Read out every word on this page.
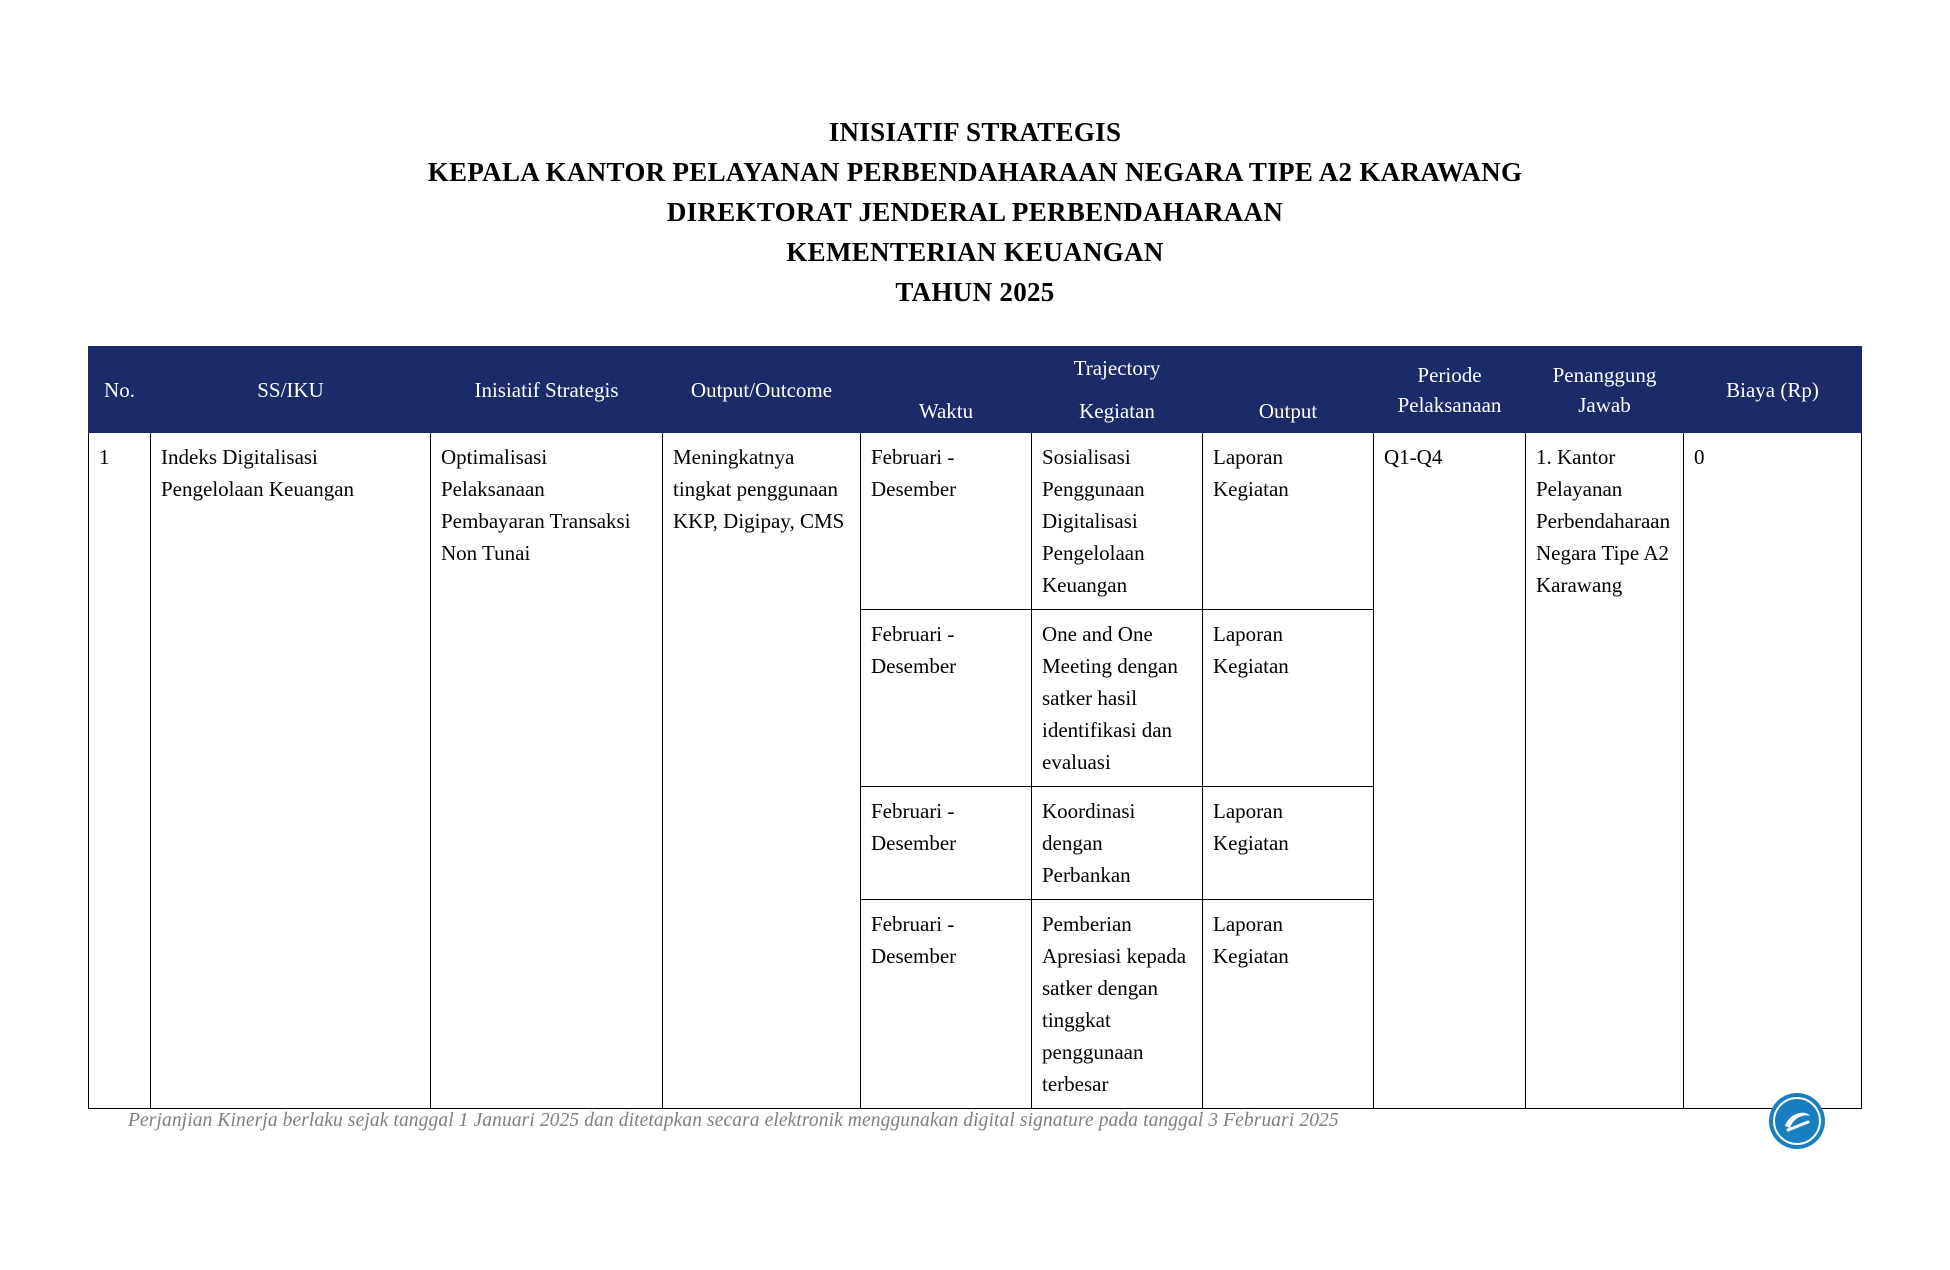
INISIATIF STRATEGIS
KEPALA KANTOR PELAYANAN PERBENDAHARAAN NEGARA TIPE A2 KARAWANG
DIREKTORAT JENDERAL PERBENDAHARAAN
KEMENTERIAN KEUANGAN
TAHUN 2025
No.	SS/IKU	Inisiatif Strategis	Output/Outcome	Trajectory			Periode Pelaksanaan	Penanggung Jawab	Biaya (Rp)
				Waktu	Kegiatan	Output			
1	Indeks Digitalisasi Pengelolaan Keuangan	Optimalisasi Pelaksanaan Pembayaran Transaksi Non Tunai	Meningkatnya tingkat penggunaan KKP, Digipay, CMS	Februari - Desember	Sosialisasi Penggunaan Digitalisasi Pengelolaan Keuangan	Laporan Kegiatan	Q1-Q4	1. Kantor Pelayanan Perbendaharaan Negara Tipe A2 Karawang	0
				Februari - Desember	One and One Meeting dengan satker hasil identifikasi dan evaluasi	Laporan Kegiatan			
				Februari - Desember	Koordinasi dengan Perbankan	Laporan Kegiatan			
				Februari - Desember	Pemberian Apresiasi kepada satker dengan tinggkat penggunaan terbesar	Laporan Kegiatan			
Perjanjian Kinerja berlaku sejak tanggal 1 Januari 2025 dan ditetapkan secara elektronik menggunakan digital signature pada tanggal 3 Februari 2025
